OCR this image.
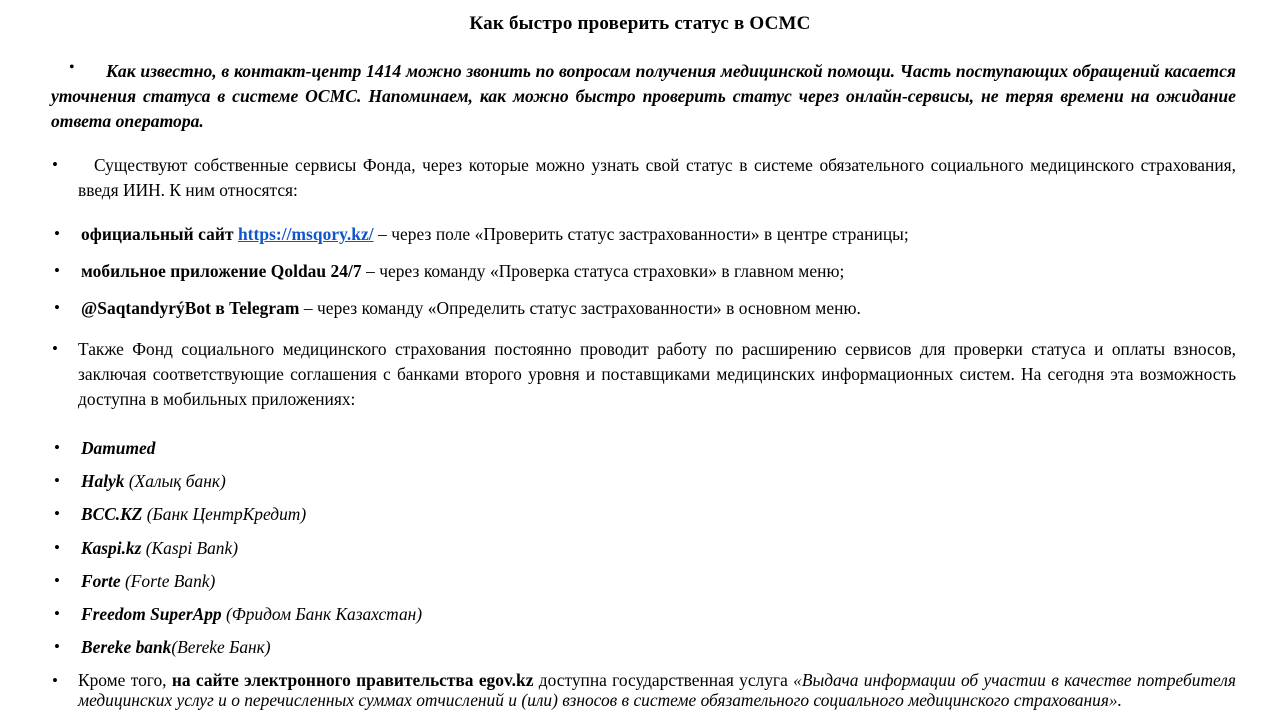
Как быстро проверить статус в ОСМС
•	Как известно, в контакт-центр 1414 можно звонить по вопросам получения медицинской помощи. Часть поступающих обращений касается уточнения статуса в системе ОСМС. Напоминаем, как можно быстро проверить статус через онлайн-сервисы, не теряя времени на ожидание ответа оператора.
•	Существуют собственные сервисы Фонда, через которые можно узнать свой статус в системе обязательного социального медицинского страхования, введя ИИН. К ним относятся:
•	официальный сайт https://msqory.kz/ – через поле «Проверить статус застрахованности» в центре страницы;
•	мобильное приложение Qoldau 24/7 – через команду «Проверка статуса страховки» в главном меню;
•	@SaqtandyrýBot в Telegram – через команду «Определить статус застрахованности» в основном меню.
•	Также Фонд социального медицинского страхования постоянно проводит работу по расширению сервисов для проверки статуса и оплаты взносов, заключая соответствующие соглашения с банками второго уровня и поставщиками медицинских информационных систем. На сегодня эта возможность доступна в мобильных приложениях:
•	Damumed
•	Halyk (Халық банк)
•	BCC.KZ (Банк ЦентрКредит)
•	Kaspi.kz (Kaspi Bank)
•	Forte (Forte Bank)
•	Freedom SuperApp (Фридом Банк Казахстан)
•	Bereke bank(Bereke Банк)
•	Кроме того, на сайте электронного правительства egov.kz доступна государственная услуга «Выдача информации об участии в качестве потребителя медицинских услуг и о перечисленных суммах отчислений и (или) взносов в системе обязательного социального медицинского страхования».
